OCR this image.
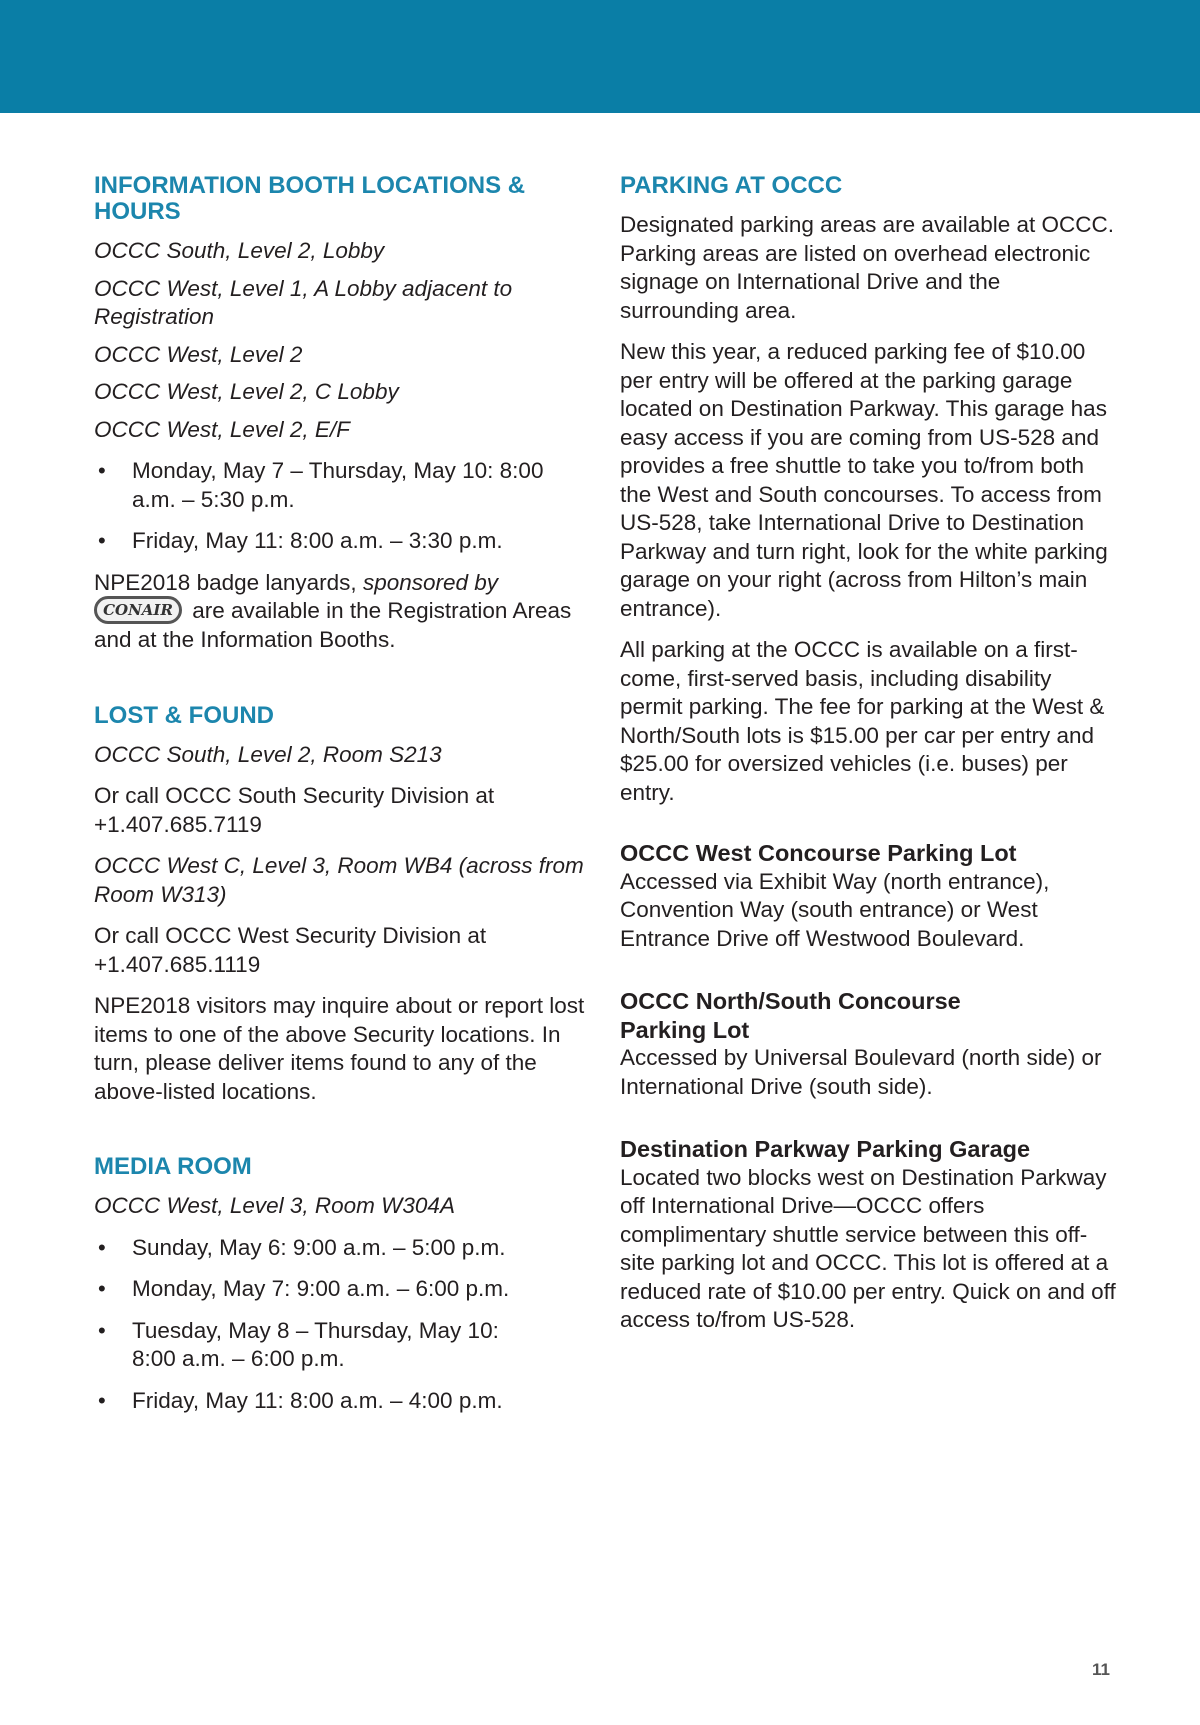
INFORMATION BOOTH LOCATIONS & HOURS

OCCC South, Level 2, Lobby

OCCC West, Level 1, A Lobby adjacent to Registration

OCCC West, Level 2

OCCC West, Level 2, C Lobby

OCCC West, Level 2, E/F

• Monday, May 7 – Thursday, May 10: 8:00 a.m. – 5:30 p.m.
• Friday, May 11: 8:00 a.m. – 3:30 p.m.

NPE2018 badge lanyards, sponsored by CONAIR are available in the Registration Areas and at the Information Booths.

LOST & FOUND

OCCC South, Level 2, Room S213

Or call OCCC South Security Division at +1.407.685.7119

OCCC West C, Level 3, Room WB4 (across from Room W313)

Or call OCCC West Security Division at +1.407.685.1119

NPE2018 visitors may inquire about or report lost items to one of the above Security locations. In turn, please deliver items found to any of the above-listed locations.

MEDIA ROOM

OCCC West, Level 3, Room W304A

• Sunday, May 6: 9:00 a.m. – 5:00 p.m.
• Monday, May 7: 9:00 a.m. – 6:00 p.m.
• Tuesday, May 8 – Thursday, May 10: 8:00 a.m. – 6:00 p.m.
• Friday, May 11: 8:00 a.m. – 4:00 p.m.
PARKING AT OCCC

Designated parking areas are available at OCCC. Parking areas are listed on overhead electronic signage on International Drive and the surrounding area.

New this year, a reduced parking fee of $10.00 per entry will be offered at the parking garage located on Destination Parkway. This garage has easy access if you are coming from US-528 and provides a free shuttle to take you to/from both the West and South concourses. To access from US-528, take International Drive to Destination Parkway and turn right, look for the white parking garage on your right (across from Hilton’s main entrance).

All parking at the OCCC is available on a first-come, first-served basis, including disability permit parking. The fee for parking at the West & North/South lots is $15.00 per car per entry and $25.00 for oversized vehicles (i.e. buses) per entry.

OCCC West Concourse Parking Lot

Accessed via Exhibit Way (north entrance), Convention Way (south entrance) or West Entrance Drive off Westwood Boulevard.

OCCC North/South Concourse Parking Lot

Accessed by Universal Boulevard (north side) or International Drive (south side).

Destination Parkway Parking Garage

Located two blocks west on Destination Parkway off International Drive—OCCC offers complimentary shuttle service between this off-site parking lot and OCCC. This lot is offered at a reduced rate of $10.00 per entry. Quick on and off access to/from US-528.

11
